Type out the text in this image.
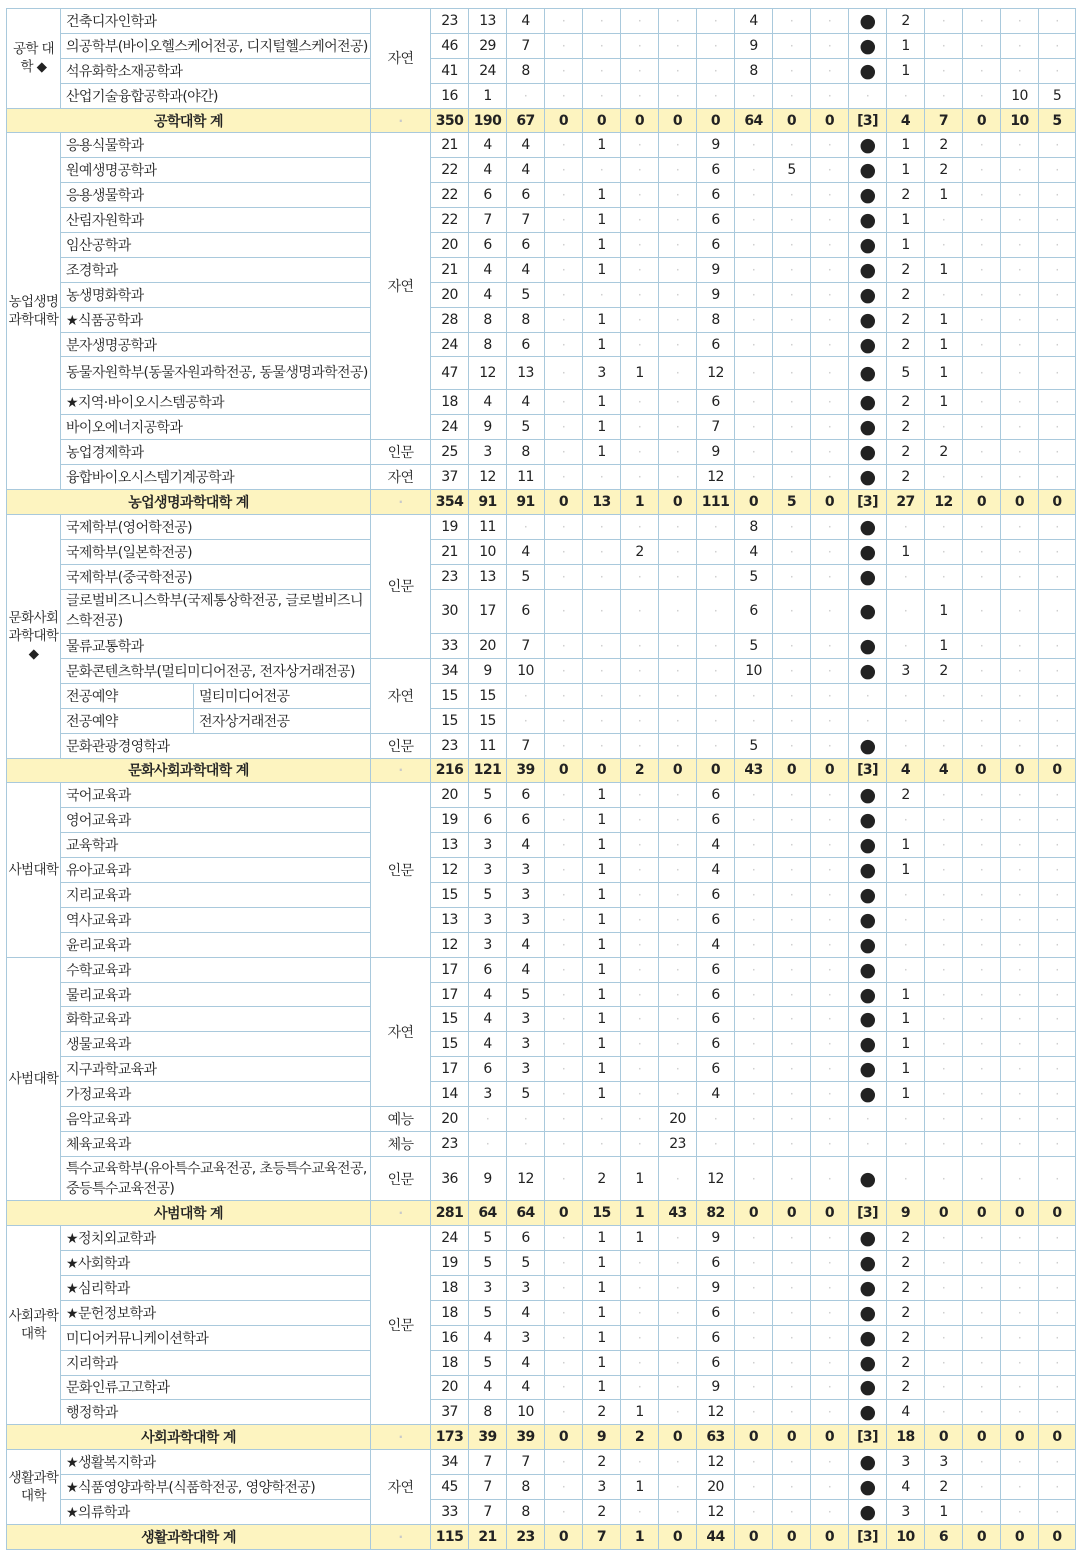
공학 대학 ◆	건축디자인학과		자연	23	13	4	·	·	·	·	·	4	·	·	●	2	·	·	·	·
	의공학부(바이오헬스케어전공, 디지털헬스케어전공)			46	29	7	·	·	·	·	·	9	·	·	●	1	·	·	·	·
	석유화학소재공학과			41	24	8	·	·	·	·	·	8	·	·	●	1	·	·	·	·
	산업기술융합공학과(야간)			16	1	·	·	·	·	·	·	·	·	·	·	·	·	·	10	5
공학대학 계			·	350	190	67	0	0	0	0	0	64	0	0	[3]	4	7	0	10	5
농업생명 과학대학	응용식물학과		자연	21	4	4	·	1	·	·	9	·	·	·	●	1	2	·	·	·
	원예생명공학과			22	4	4	·	·	·	·	6	·	5	·	●	1	2	·	·	·
	응용생물학과			22	6	6	·	1	·	·	6	·	·	·	●	2	1	·	·	·
	산림자원학과			22	7	7	·	1	·	·	6	·	·	·	●	1	·	·	·	·
	임산공학과			20	6	6	·	1	·	·	6	·	·	·	●	1	·	·	·	·
	조경학과			21	4	4	·	1	·	·	9	·	·	·	●	2	1	·	·	·
	농생명화학과			20	4	5	·	·	·	·	9	·	·	·	●	2	·	·	·	·
	★식품공학과			28	8	8	·	1	·	·	8	·	·	·	●	2	1	·	·	·
	분자생명공학과			24	8	6	·	1	·	·	6	·	·	·	●	2	1	·	·	·
	동물자원학부(동물자원과학전공, 동물생명과학전공)			47	12	13	·	3	1	·	12	·	·	·	●	5	1	·	·	·
	★지역·바이오시스템공학과			18	4	4	·	1	·	·	6	·	·	·	●	2	1	·	·	·
	바이오에너지공학과			24	9	5	·	1	·	·	7	·	·	·	●	2	·	·	·	·
	농업경제학과		인문	25	3	8	·	1	·	·	9	·	·	·	●	2	2	·	·	·
	융합바이오시스템기계공학과		자연	37	12	11	·	·	·	·	12	·	·	·	●	2	·	·	·	·
농업생명과학대학 계			·	354	91	91	0	13	1	0	111	0	5	0	[3]	27	12	0	0	0
문화사회 과학대학 ◆	국제학부(영어학전공)		인문	19	11	·	·	·	·	·	·	8	·	·	●	·	·	·	·	·
	국제학부(일본학전공)			21	10	4	·	·	2	·	·	4	·	·	●	1	·	·	·	·
	국제학부(중국학전공)			23	13	5	·	·	·	·	·	5	·	·	●	·	·	·	·	·
	글로벌비즈니스학부(국제통상학전공, 글로벌비즈니스학전공)			30	17	6	·	·	·	·	·	6	·	·	●	·	1	·	·	·
	물류교통학과			33	20	7	·	·	·	·	·	5	·	·	●	·	1	·	·	·
	문화콘텐츠학부(멀티미디어전공, 전자상거래전공)		자연	34	9	10	·	·	·	·	·	10	·	·	●	3	2	·	·	·
	전공예약	멀티미디어전공		15	15	·	·	·	·	·	·	·	·	·	·	·	·	·	·	·
	전공예약	전자상거래전공		15	15	·	·	·	·	·	·	·	·	·	·	·	·	·	·	·
	문화관광경영학과		인문	23	11	7	·	·	·	·	·	5	·	·	●	·	·	·	·	·
문화사회과학대학 계			·	216	121	39	0	0	2	0	0	43	0	0	[3]	4	4	0	0	0
사범대학	국어교육과		인문	20	5	6	·	1	·	·	6	·	·	·	●	2	·	·	·	·
	영어교육과			19	6	6	·	1	·	·	6	·	·	·	●	·	·	·	·	·
	교육학과			13	3	4	·	1	·	·	4	·	·	·	●	1	·	·	·	·
	유아교육과			12	3	3	·	1	·	·	4	·	·	·	●	1	·	·	·	·
	지리교육과			15	5	3	·	1	·	·	6	·	·	·	●	·	·	·	·	·
	역사교육과			13	3	3	·	1	·	·	6	·	·	·	●	·	·	·	·	·
	윤리교육과			12	3	4	·	1	·	·	4	·	·	·	●	·	·	·	·	·
사범대학	수학교육과		자연	17	6	4	·	1	·	·	6	·	·	·	●	·	·	·	·	·
	물리교육과			17	4	5	·	1	·	·	6	·	·	·	●	1	·	·	·	·
	화학교육과			15	4	3	·	1	·	·	6	·	·	·	●	1	·	·	·	·
	생물교육과			15	4	3	·	1	·	·	6	·	·	·	●	1	·	·	·	·
	지구과학교육과			17	6	3	·	1	·	·	6	·	·	·	●	1	·	·	·	·
	가정교육과			14	3	5	·	1	·	·	4	·	·	·	●	1	·	·	·	·
	음악교육과		예능	20	·	·	·	·	·	20	·	·	·	·	·	·	·	·	·	·
	체육교육과		체능	23	·	·	·	·	·	23	·	·	·	·	·	·	·	·	·	·
	특수교육학부(유아특수교육전공, 초등특수교육전공, 중등특수교육전공)		인문	36	9	12	·	2	1	·	12	·	·	·	●	·	·	·	·	·
사범대학 계			·	281	64	64	0	15	1	43	82	0	0	0	[3]	9	0	0	0	0
사회과학 대학	★정치외교학과		인문	24	5	6	·	1	1	·	9	·	·	·	●	2	·	·	·	·
	★사회학과			19	5	5	·	1	·	·	6	·	·	·	●	2	·	·	·	·
	★심리학과			18	3	3	·	1	·	·	9	·	·	·	●	2	·	·	·	·
	★문헌정보학과			18	5	4	·	1	·	·	6	·	·	·	●	2	·	·	·	·
	미디어커뮤니케이션학과			16	4	3	·	1	·	·	6	·	·	·	●	2	·	·	·	·
	지리학과			18	5	4	·	1	·	·	6	·	·	·	●	2	·	·	·	·
	문화인류고고학과			20	4	4	·	1	·	·	9	·	·	·	●	2	·	·	·	·
	행정학과			37	8	10	·	2	1	·	12	·	·	·	●	4	·	·	·	·
사회과학대학 계			·	173	39	39	0	9	2	0	63	0	0	0	[3]	18	0	0	0	0
생활과학 대학	★생활복지학과		자연	34	7	7	·	2	·	·	12	·	·	·	●	3	3	·	·	·
	★식품영양과학부(식품학전공, 영양학전공)			45	7	8	·	3	1	·	20	·	·	·	●	4	2	·	·	·
	★의류학과			33	7	8	·	2	·	·	12	·	·	·	●	3	1	·	·	·
생활과학대학 계			·	115	21	23	0	7	1	0	44	0	0	0	[3]	10	6	0	0	0
